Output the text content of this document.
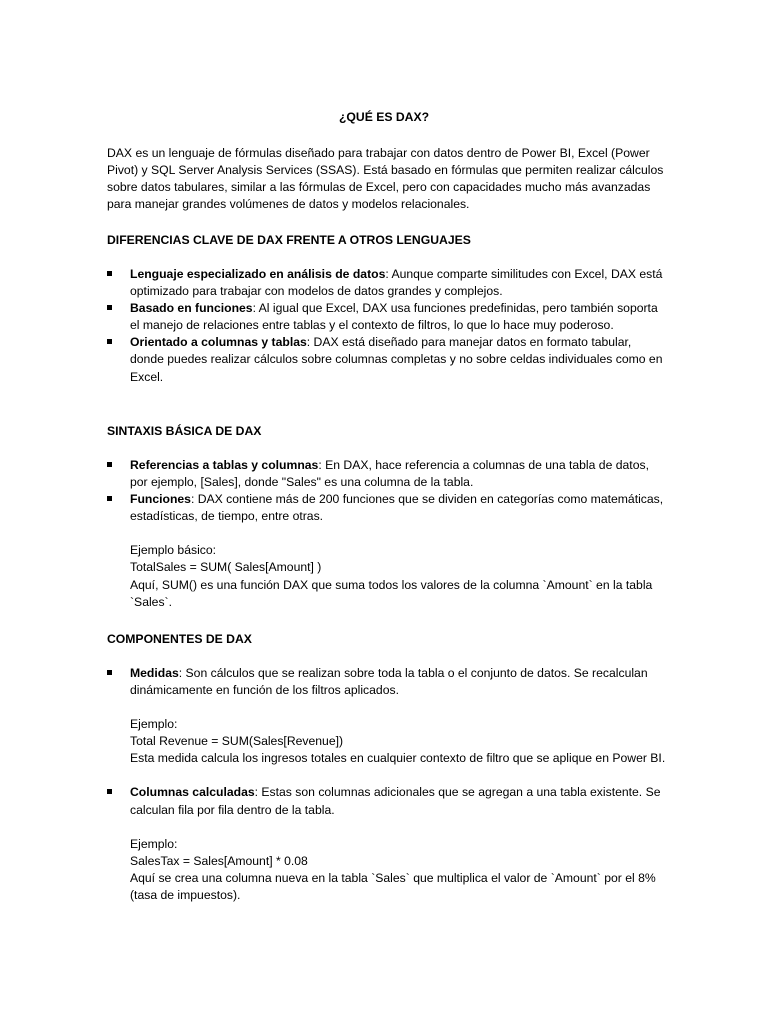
¿QUÉ ES DAX?

DAX es un lenguaje de fórmulas diseñado para trabajar con datos dentro de Power BI, Excel (Power Pivot) y SQL Server Analysis Services (SSAS). Está basado en fórmulas que permiten realizar cálculos sobre datos tabulares, similar a las fórmulas de Excel, pero con capacidades mucho más avanzadas para manejar grandes volúmenes de datos y modelos relacionales.

DIFERENCIAS CLAVE DE DAX FRENTE A OTROS LENGUAJES

Lenguaje especializado en análisis de datos: Aunque comparte similitudes con Excel, DAX está optimizado para trabajar con modelos de datos grandes y complejos.

Basado en funciones: Al igual que Excel, DAX usa funciones predefinidas, pero también soporta el manejo de relaciones entre tablas y el contexto de filtros, lo que lo hace muy poderoso.

Orientado a columnas y tablas: DAX está diseñado para manejar datos en formato tabular, donde puedes realizar cálculos sobre columnas completas y no sobre celdas individuales como en Excel.

SINTAXIS BÁSICA DE DAX

Referencias a tablas y columnas: En DAX, hace referencia a columnas de una tabla de datos, por ejemplo, [Sales], donde "Sales" es una columna de la tabla.

Funciones: DAX contiene más de 200 funciones que se dividen en categorías como matemáticas, estadísticas, de tiempo, entre otras.

Ejemplo básico:
TotalSales = SUM( Sales[Amount] )
Aquí, SUM() es una función DAX que suma todos los valores de la columna `Amount` en la tabla `Sales`.
COMPONENTES DE DAX

Medidas: Son cálculos que se realizan sobre toda la tabla o el conjunto de datos. Se recalculan dinámicamente en función de los filtros aplicados.

Ejemplo:
Total Revenue = SUM(Sales[Revenue])
Esta medida calcula los ingresos totales en cualquier contexto de filtro que se aplique en Power BI.

Columnas calculadas: Estas son columnas adicionales que se agregan a una tabla existente. Se calculan fila por fila dentro de la tabla.

Ejemplo:
SalesTax = Sales[Amount] * 0.08
Aquí se crea una columna nueva en la tabla `Sales` que multiplica el valor de `Amount` por el 8% (tasa de impuestos).
